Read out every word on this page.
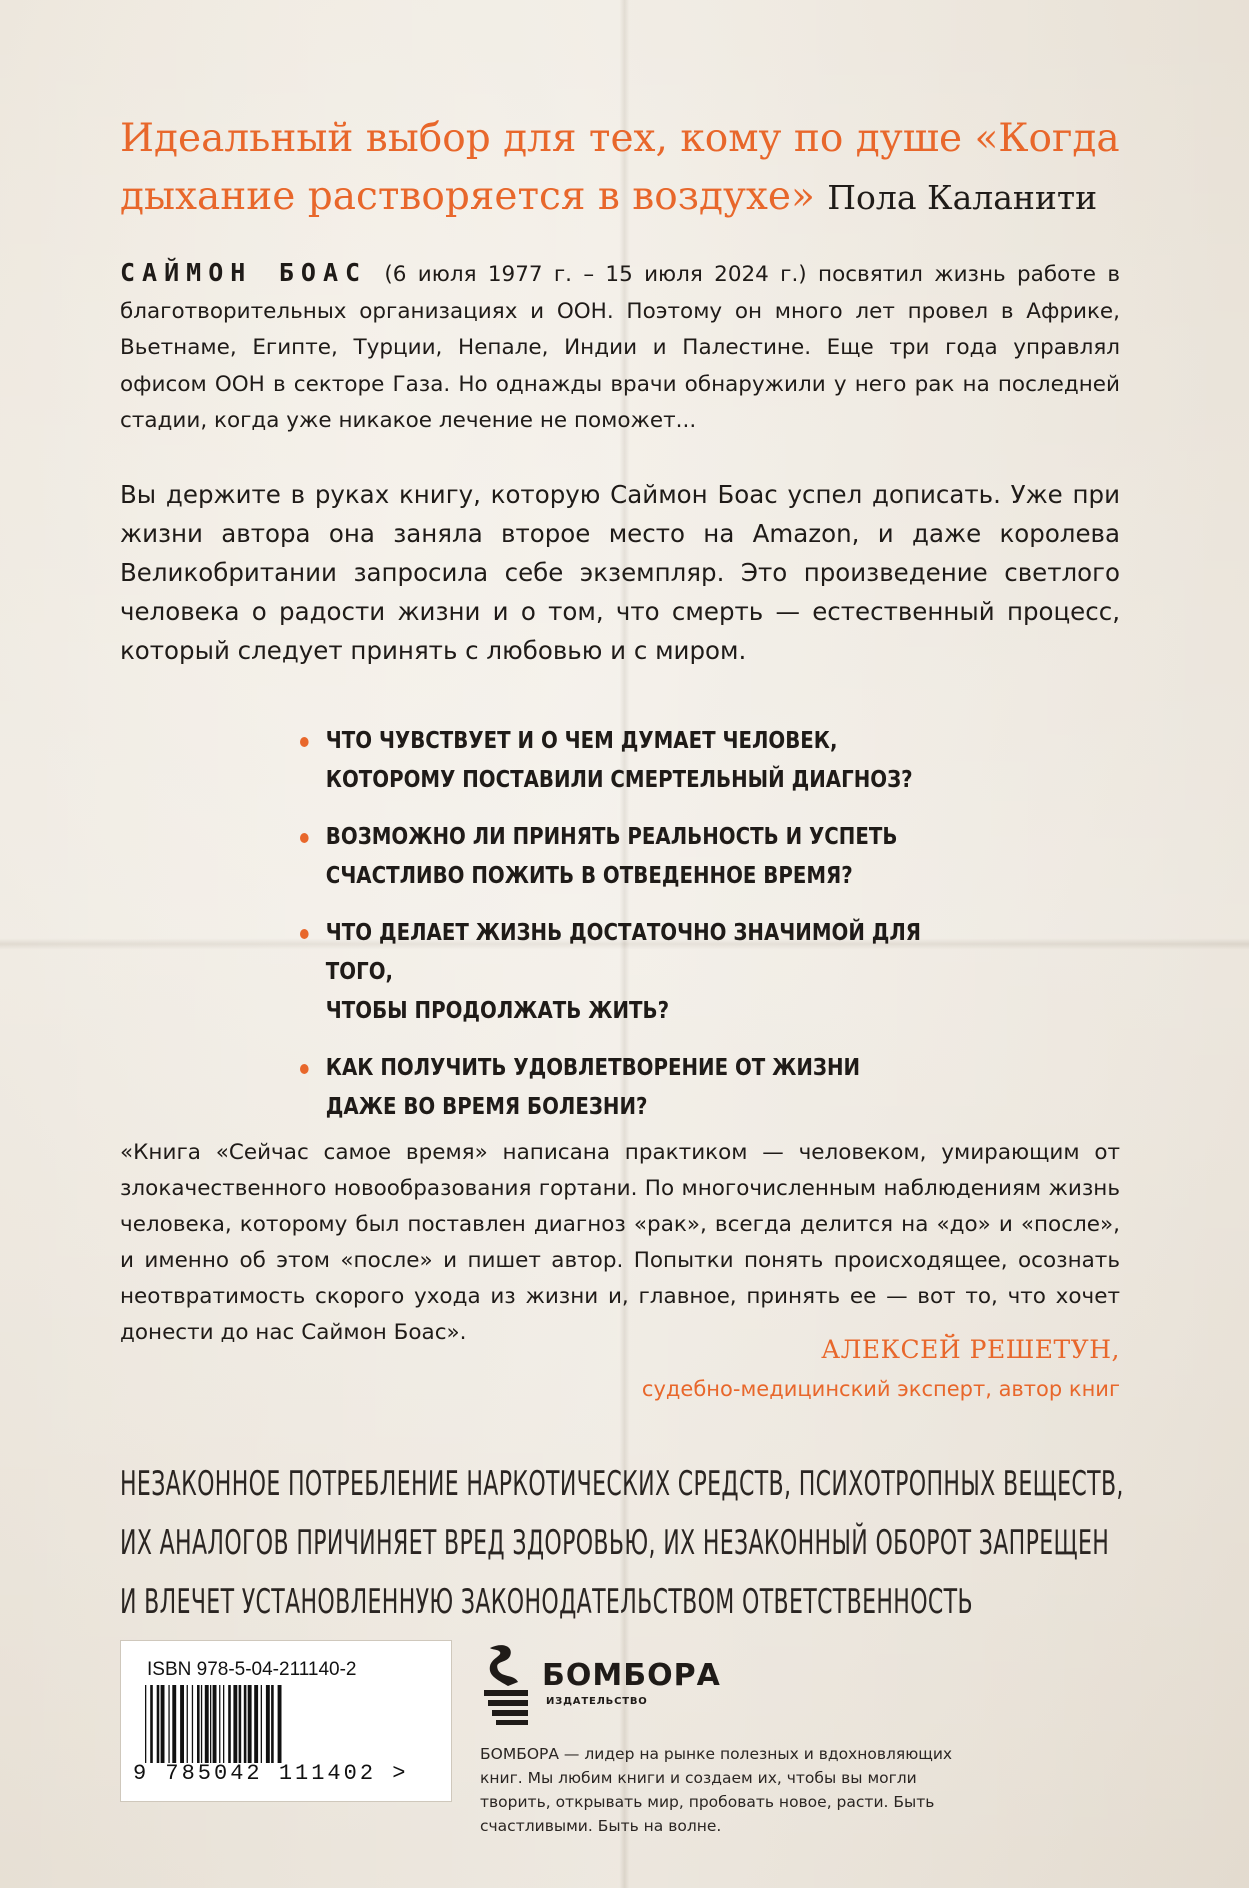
Идеальный выбор для тех, кому по душе «Когда дыхание растворяется в воздухе» Пола Каланити

САЙМОН БОАС (6 июля 1977 г. – 15 июля 2024 г.) посвятил жизнь работе в благотворительных организациях и ООН. Поэтому он много лет провел в Африке, Вьетнаме, Египте, Турции, Непале, Индии и Палестине. Еще три года управлял офисом ООН в секторе Газа. Но однажды врачи обнаружили у него рак на последней стадии, когда уже никакое лечение не поможет...
Вы держите в руках книгу, которую Саймон Боас успел дописать. Уже при жизни автора она заняла второе место на Amazon, и даже королева Великобритании запросила себе экземпляр. Это произведение светлого человека о радости жизни и о том, что смерть — естественный процесс, который следует принять с любовью и с миром.
ЧТО ЧУВСТВУЕТ И О ЧЕМ ДУМАЕТ ЧЕЛОВЕК,
КОТОРОМУ ПОСТАВИЛИ СМЕРТЕЛЬНЫЙ ДИАГНОЗ?
ВОЗМОЖНО ЛИ ПРИНЯТЬ РЕАЛЬНОСТЬ И УСПЕТЬ
СЧАСТЛИВО ПОЖИТЬ В ОТВЕДЕННОЕ ВРЕМЯ?
ЧТО ДЕЛАЕТ ЖИЗНЬ ДОСТАТОЧНО ЗНАЧИМОЙ ДЛЯ ТОГО,
ЧТОБЫ ПРОДОЛЖАТЬ ЖИТЬ?
КАК ПОЛУЧИТЬ УДОВЛЕТВОРЕНИЕ ОТ ЖИЗНИ
ДАЖЕ ВО ВРЕМЯ БОЛЕЗНИ?
«Книга «Сейчас самое время» написана практиком — человеком, умирающим от злокачественного новообразования гортани. По многочисленным наблюдениям жизнь человека, которому был поставлен диагноз «рак», всегда делится на «до» и «после», и именно об этом «после» и пишет автор. Попытки понять происходящее, осознать неотвратимость скорого ухода из жизни и, главное, принять ее — вот то, что хочет донести до нас Саймон Боас».
АЛЕКСЕЙ РЕШЕТУН,
судебно-медицинский эксперт, автор книг
НЕЗАКОННОЕ ПОТРЕБЛЕНИЕ НАРКОТИЧЕСКИХ СРЕДСТВ, ПСИХОТРОПНЫХ ВЕЩЕСТВ,
ИХ АНАЛОГОВ ПРИЧИНЯЕТ ВРЕД ЗДОРОВЬЮ, ИХ НЕЗАКОННЫЙ ОБОРОТ ЗАПРЕЩЕН
И ВЛЕЧЕТ УСТАНОВЛЕННУЮ ЗАКОНОДАТЕЛЬСТВОМ ОТВЕТСТВЕННОСТЬ
ISBN 978-5-04-211140-2
9 785042 111402 >
БОМБОРА
ИЗДАТЕЛЬСТВО
БОМБОРА — лидер на рынке полезных и вдохновляющих книг. Мы любим книги и создаем их, чтобы вы могли творить, открывать мир, пробовать новое, расти. Быть счастливыми. Быть на волне.
